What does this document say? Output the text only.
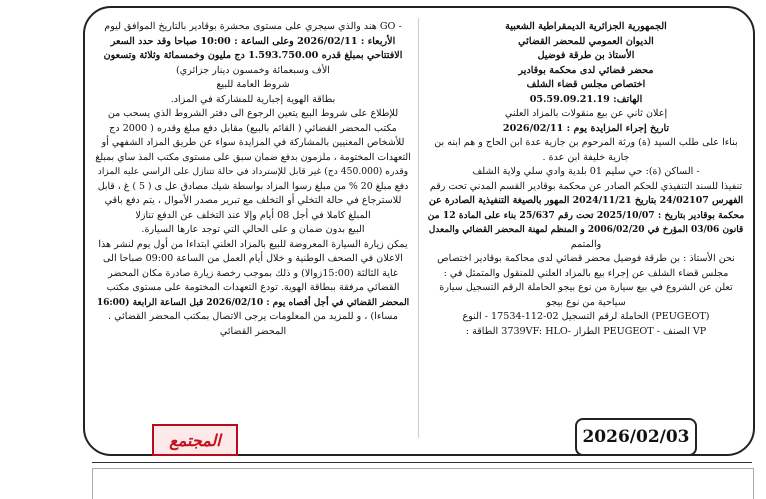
الجمهورية الجزائرية الديمقراطية الشعبية

الديوان العمومي للمحضر القضائي

الأستاذ بن طرقة فوضيل

محضر قضائي لدى محكمة بوقادير

اختصاص مجلس قضاء الشلف

الهاتف: 05.59.09.21.19

إعلان ثاني عن بيع منقولات بالمزاد العلني

تاريخ إجراء المزايدة يوم : 2026/02/11

بناءا على طلب السيد (ة) ورثة المرحوم بن جازية عدة ابن الحاج و هم ابنه بن

جازية خليفة ابن عدة .

- الساكن (ة): حي سليم 01 بلدية وادي سلي ولاية الشلف

تنفيذا للسند التنفيذي للحكم الصادر عن محكمة بوقادير القسم المدني تحت رقم

الفهرس 24/02107 بتاريخ 2024/11/21 المهور بالصيغة التنفيذية الصادرة عن

محكمة بوقادير بتاريخ : 2025/10/07 تحت رقم 25/637 بناء على المادة 12 من

قانون 03/06 المؤرخ في 2006/02/20 و المنظم لمهنة المحضر القضائي والمعدل

والمتمم

نحن الأستاذ : بن طرقة فوضيل محضر قضائي لدى محاكمة بوقادير اختصاص

مجلس قضاء الشلف عن إجراء بيع بالمزاد العلني للمنقول والمتمثل في :

تعلن عن الشروع في بيع سيارة من نوع بيجو الحاملة الرقم التسجيل سيارة

سياحية من نوع بيجو

(PEUGEOT) الحاملة لرقم التسجيل 02-112-17534 - النوع

VP الصنف - PEUGEOT الطراز -3739VF: HLO الطاقة :

- GO هند والذي سيجري على مستوى محشرة بوقادير بالتاريخ الموافق ليوم

الأربعاء : 2026/02/11 وعلى الساعة : 10:00 صباحا وقد حدد السعر

الافتتاحي بمبلغ قدره 1.593.750.00 دج مليون وخمسمائة وثلاثة وتسعون

الأف وسبعمائة وخمسون دينار جزائري)

شروط العامة للبيع

بطاقة الهوية إجبارية للمشاركة في المزاد.

للإطلاع على شروط البيع يتعين الرجوع الى دفتر الشروط الذي يسحب من

مكتب المحضر القضائي ( القائم بالبيع) مقابل دفع مبلغ وقدره ( 2000 دج

للأشخاص المعنيين بالمشاركة في المزايدة سواء عن طريق المزاد الشفهي أو

التعهدات المختومة ، ملزمون بدفع ضمان سبق على مستوى مكتب المذ ساي بمبلغ

وقدره (450.000 دج) غير قابل للإسترداد في حالة تتنازل على الراسي عليه المزاد

دفع مبلغ 20 % من مبلغ رسوا المزاد بواسطة شيك مصادق عل ى ( 5 ) غ ، قابل

للاسترجاع في حالة التخلي أو التخلف مع تبرير مصدر الأموال ، يتم دفع باقي

المبلغ كاملا في أجل 08 أيام وإلا عند التخلف عن الدفع تنازلا

البيع بدون ضمان و على الحالي التي توجد عارها السيارة.

يمكن زيارة السيارة المعروضة للبيع بالمزاد العلني ابتداءا من أول يوم لنشر هذا

الاعلان في الصحف الوطنية و خلال أيام العمل من الساعة 09:00 صباحا الى

غاية الثالثة (15:00زوالا) و ذلك بموجب رخصة زيارة صادرة مكان المحضر

القضائي مرفقة ببطاقة الهوية. تودع التعهدات المختومة على مستوى مكتب

المحضر القضائي في أجل أقصاه يوم : 2026/02/10 قبل الساعة الرابعة (16:00

مساءا) ، و للمزيد من المعلومات يرجى الاتصال بمكتب المحضر القضائي .

المحضر القضائي

المجتمع	2026/02/03
